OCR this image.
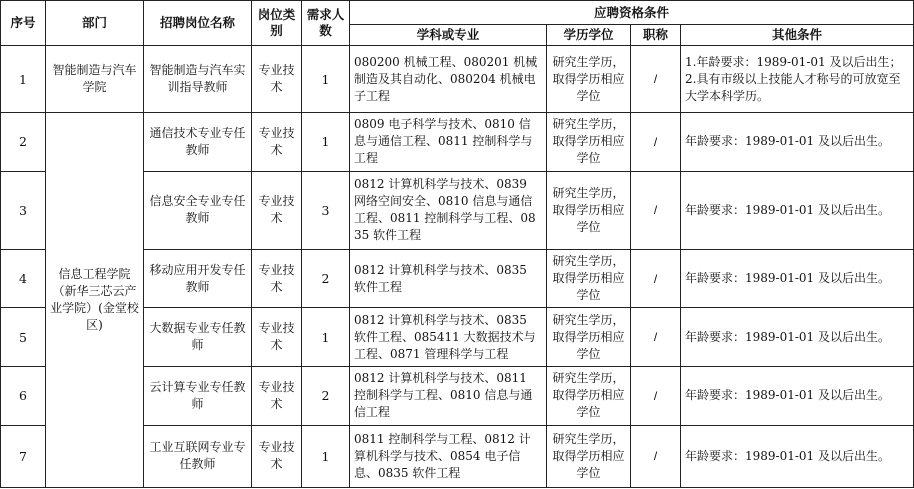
序号	部门	招聘岗位名称	岗位类别	需求人数	应聘资格条件			
					学科或专业	学历学位	职称	其他条件
1	智能制造与汽车学院	智能制造与汽车实训指导教师	专业技术	1	080200 机械工程、080201 机械制造及其自动化、080204 机械电子工程	研究生学历，取得学历相应学位	/	1.年龄要求：1989-01-01 及以后出生；2.具有市级以上技能人才称号的可放宽至大学本科学历。
2	信息工程学院（新华三芯云产业学院）(金堂校区)	通信技术专业专任教师	专业技术	1	0809 电子科学与技术、0810 信息与通信工程、0811 控制科学与工程	研究生学历，取得学历相应学位	/	年龄要求：1989-01-01 及以后出生。
3		信息安全专业专任教师	专业技术	3	0812 计算机科学与技术、0839 网络空间安全、0810 信息与通信工程、0811 控制科学与工程、0835 软件工程	研究生学历，取得学历相应学位	/	年龄要求：1989-01-01 及以后出生。
4		移动应用开发专任教师	专业技术	2	0812 计算机科学与技术、0835 软件工程	研究生学历，取得学历相应学位	/	年龄要求：1989-01-01 及以后出生。
5		大数据专业专任教师	专业技术	1	0812 计算机科学与技术、0835 软件工程、085411 大数据技术与工程、0871 管理科学与工程	研究生学历，取得学历相应学位	/	年龄要求：1989-01-01 及以后出生。
6		云计算专业专任教师	专业技术	2	0812 计算机科学与技术、0811 控制科学与工程、0810 信息与通信工程	研究生学历，取得学历相应学位	/	年龄要求：1989-01-01 及以后出生。
7		工业互联网专业专任教师	专业技术	1	0811 控制科学与工程、0812 计算机科学与技术、0854 电子信息、0835 软件工程	研究生学历，取得学历相应学位	/	年龄要求：1989-01-01 及以后出生。
